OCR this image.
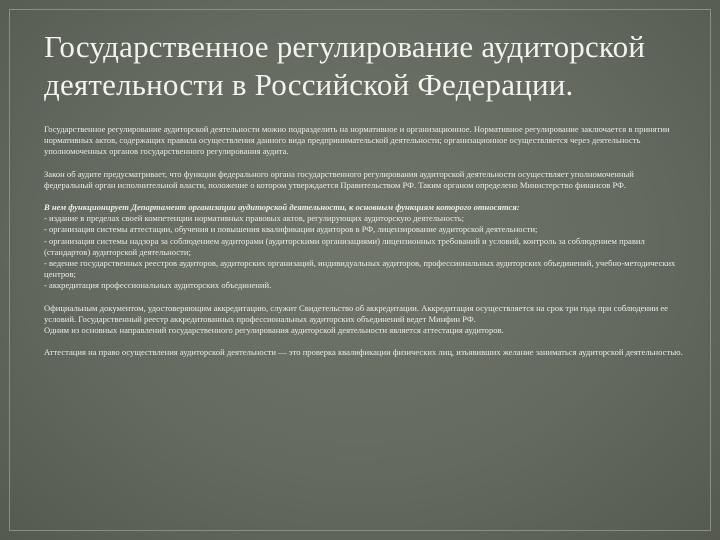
Государственное регулирование аудиторской деятельности в Российской Федерации.

Государственное регулирование аудиторской деятельности можно подразделить на нормативное и организационное. Нормативное регулирование заключается в принятии нормативных актов, содержащих правила осуществления данного вида предпринимательской деятельности; организационное осуществляется через деятельность уполномоченных органов государственного регулирования аудита.

Закон об аудите предусматривает, что функции федерального органа государственного регулирования аудиторской деятельности осуществляет уполномоченный федеральный орган исполнительной власти, положение о котором утверждается Правительством РФ. Таким органом определено Министерство финансов РФ.

В нем функционирует Департамент организации аудиторской деятельности, к основным функциям которого относятся:
- издание в пределах своей компетенции нормативных правовых актов, регулирующих аудиторскую деятельность;
- организация системы аттестации, обучения и повышения квалификации аудиторов в РФ, лицензирование аудиторской деятельности;
- организация системы надзора за соблюдением аудиторами (аудиторскими организациями) лицензионных требований и условий, контроль за соблюдением правил (стандартов) аудиторской деятельности;
- ведение государственных реестров аудиторов, аудиторских организаций, индивидуальных аудиторов, профессиональных аудиторских объединений, учебно-методических центров;
- аккредитация профессиональных аудиторских объединений.

Официальным документом, удостоверяющим аккредитацию, служит Свидетельство об аккредитации. Аккредитация осуществляется на срок три года при соблюдении ее условий. Государственный реестр аккредитованных профессиональных аудиторских объединений ведет Минфин РФ.
Одним из основных направлений государственного регулирования аудиторской деятельности является аттестация аудиторов.

Аттестация на право осуществления аудиторской деятельности — это проверка квалификации физических лиц, изъявивших желание заниматься аудиторской деятельностью.
